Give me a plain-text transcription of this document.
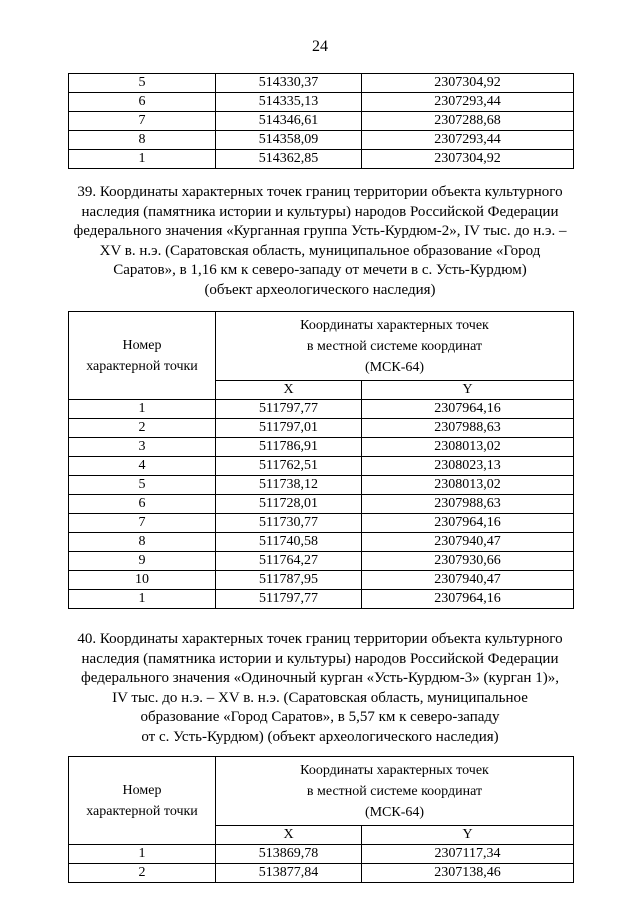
24
5	514330,37	2307304,92
6	514335,13	2307293,44
7	514346,61	2307288,68
8	514358,09	2307293,44
1	514362,85	2307304,92
39. Координаты характерных точек границ территории объекта культурного
наследия (памятника истории и культуры) народов Российской Федерации
федерального значения «Курганная группа Усть-Курдюм-2», IV тыс. до н.э. –
XV в. н.э. (Саратовская область, муниципальное образование «Город
Саратов», в 1,16 км к северо-западу от мечети в с. Усть-Курдюм)
(объект археологического наследия)
Номер
характерной точки	Координаты характерных точек
в местной системе координат
(МСК-64)	

	X	Y
1	511797,77	2307964,16
2	511797,01	2307988,63
3	511786,91	2308013,02
4	511762,51	2308023,13
5	511738,12	2308013,02
6	511728,01	2307988,63
7	511730,77	2307964,16
8	511740,58	2307940,47
9	511764,27	2307930,66
10	511787,95	2307940,47
1	511797,77	2307964,16
40. Координаты характерных точек границ территории объекта культурного
наследия (памятника истории и культуры) народов Российской Федерации
федерального значения «Одиночный курган «Усть-Курдюм-3» (курган 1)»,
IV тыс. до н.э. – XV в. н.э. (Саратовская область, муниципальное
образование «Город Саратов», в 5,57 км к северо-западу
от с. Усть-Курдюм) (объект археологического наследия)
Номер
характерной точки	Координаты характерных точек
в местной системе координат
(МСК-64)	

	X	Y
1	513869,78	2307117,34
2	513877,84	2307138,46
